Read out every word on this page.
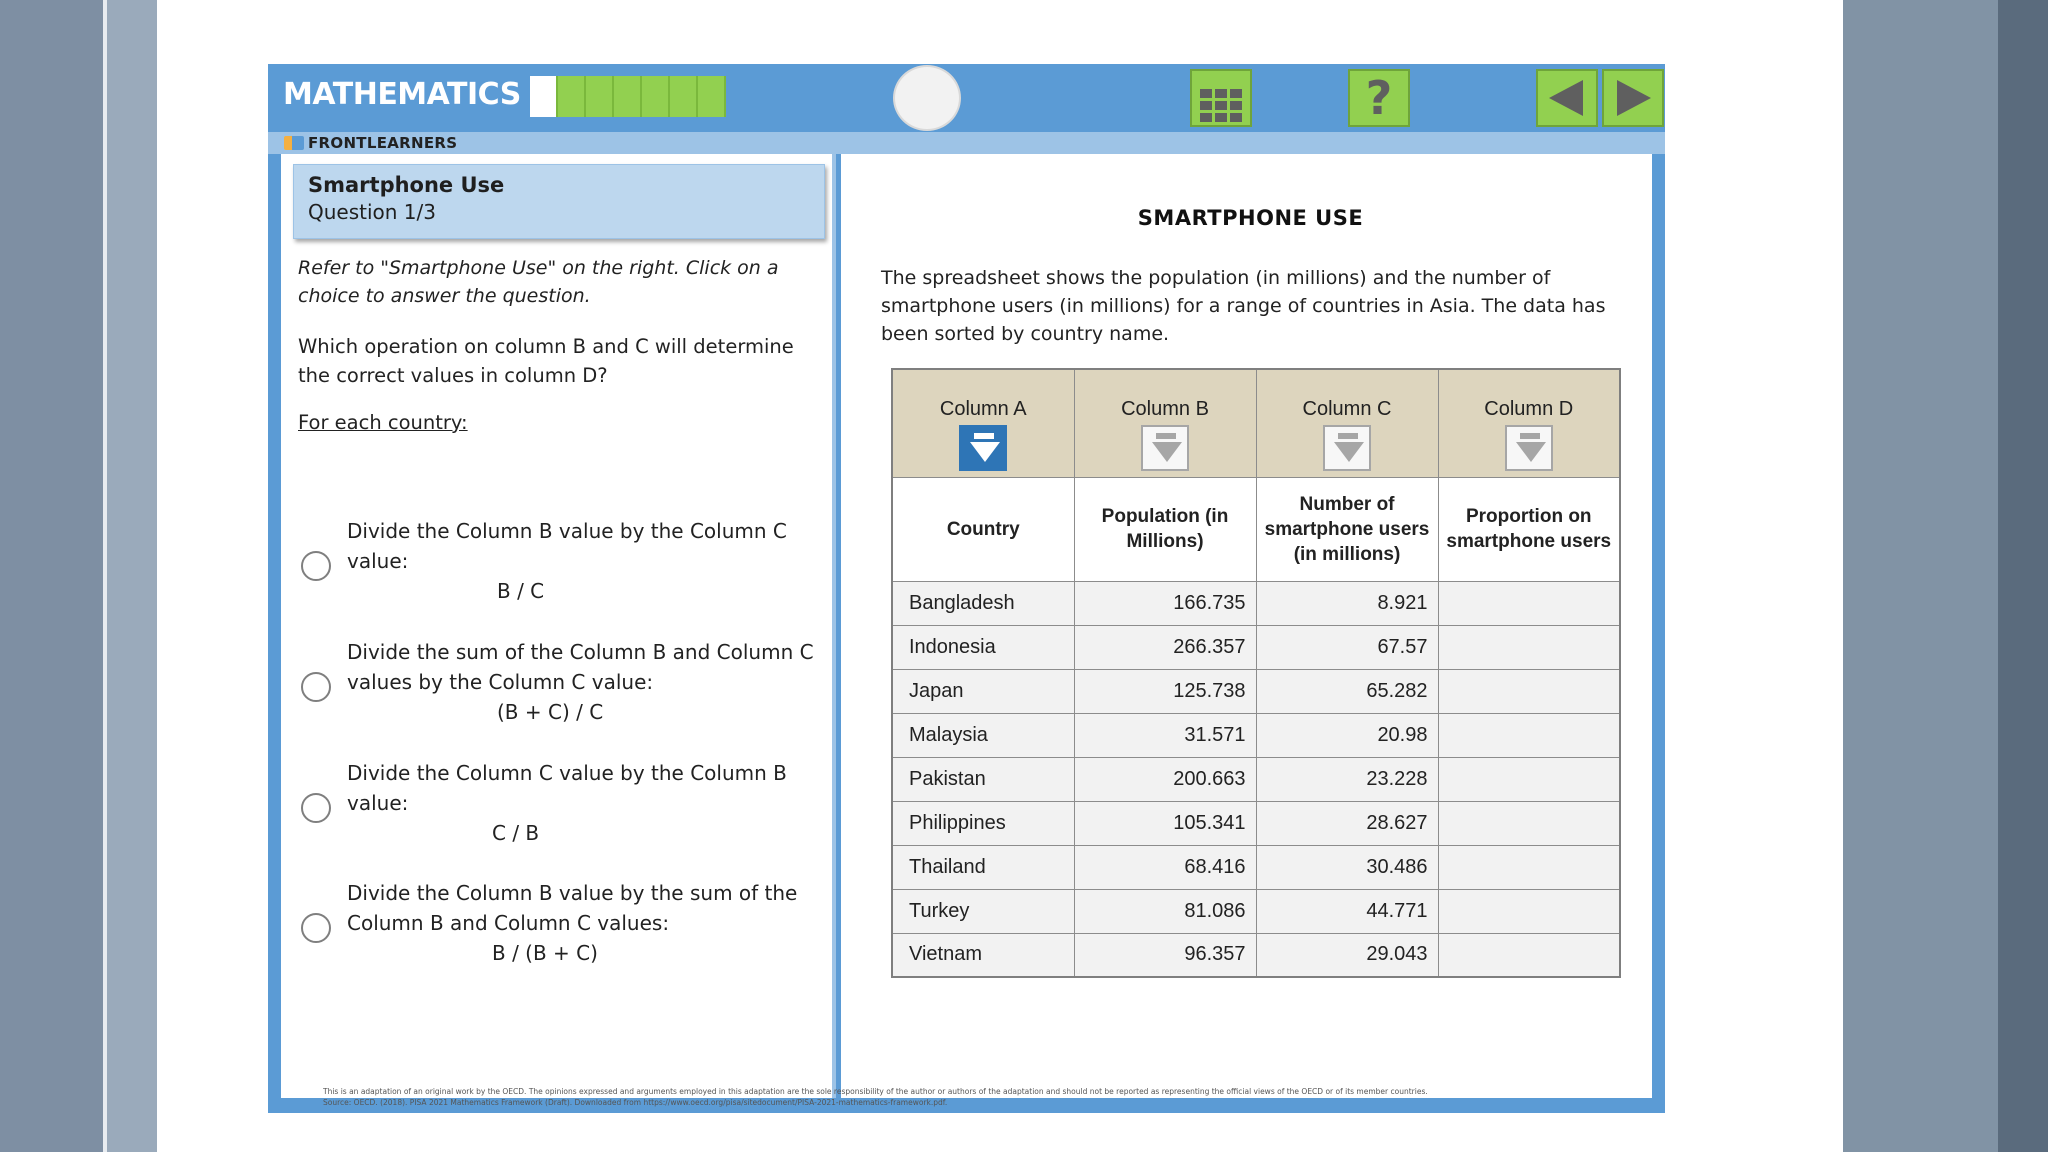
MATHEMATICS	?
FRONTLEARNERS
Smartphone Use
Question 1/3
Refer to "Smartphone Use" on the right. Click on a choice to answer the question.
Which operation on column B and C will determine the correct values in column D?
For each country:
Divide the Column B value by the Column C value:
B / C
Divide the sum of the Column B and Column C values by the Column C value:
(B + C) / C
Divide the Column C value by the Column B value:
C / B
Divide the Column B value by the sum of the Column B and Column C values:
B / (B + C)
SMARTPHONE USE
The spreadsheet shows the population (in millions) and the number of smartphone users (in millions) for a range of countries in Asia. The data has been sorted by country name.
Column A	Column B	Column C	Column D

Country	Population (in Millions)	Number of smartphone users (in millions)	Proportion on smartphone users
Bangladesh	166.735	8.921	
Indonesia	266.357	67.57	
Japan	125.738	65.282	
Malaysia	31.571	20.98	
Pakistan	200.663	23.228	
Philippines	105.341	28.627	
Thailand	68.416	30.486	
Turkey	81.086	44.771	
Vietnam	96.357	29.043	
This is an adaptation of an original work by the OECD. The opinions expressed and arguments employed in this adaptation are the sole responsibility of the author or authors of the adaptation and should not be reported as representing the official views of the OECD or of its member countries.
Source: OECD. (2018). PISA 2021 Mathematics Framework (Draft). Downloaded from https://www.oecd.org/pisa/sitedocument/PISA-2021-mathematics-framework.pdf.
